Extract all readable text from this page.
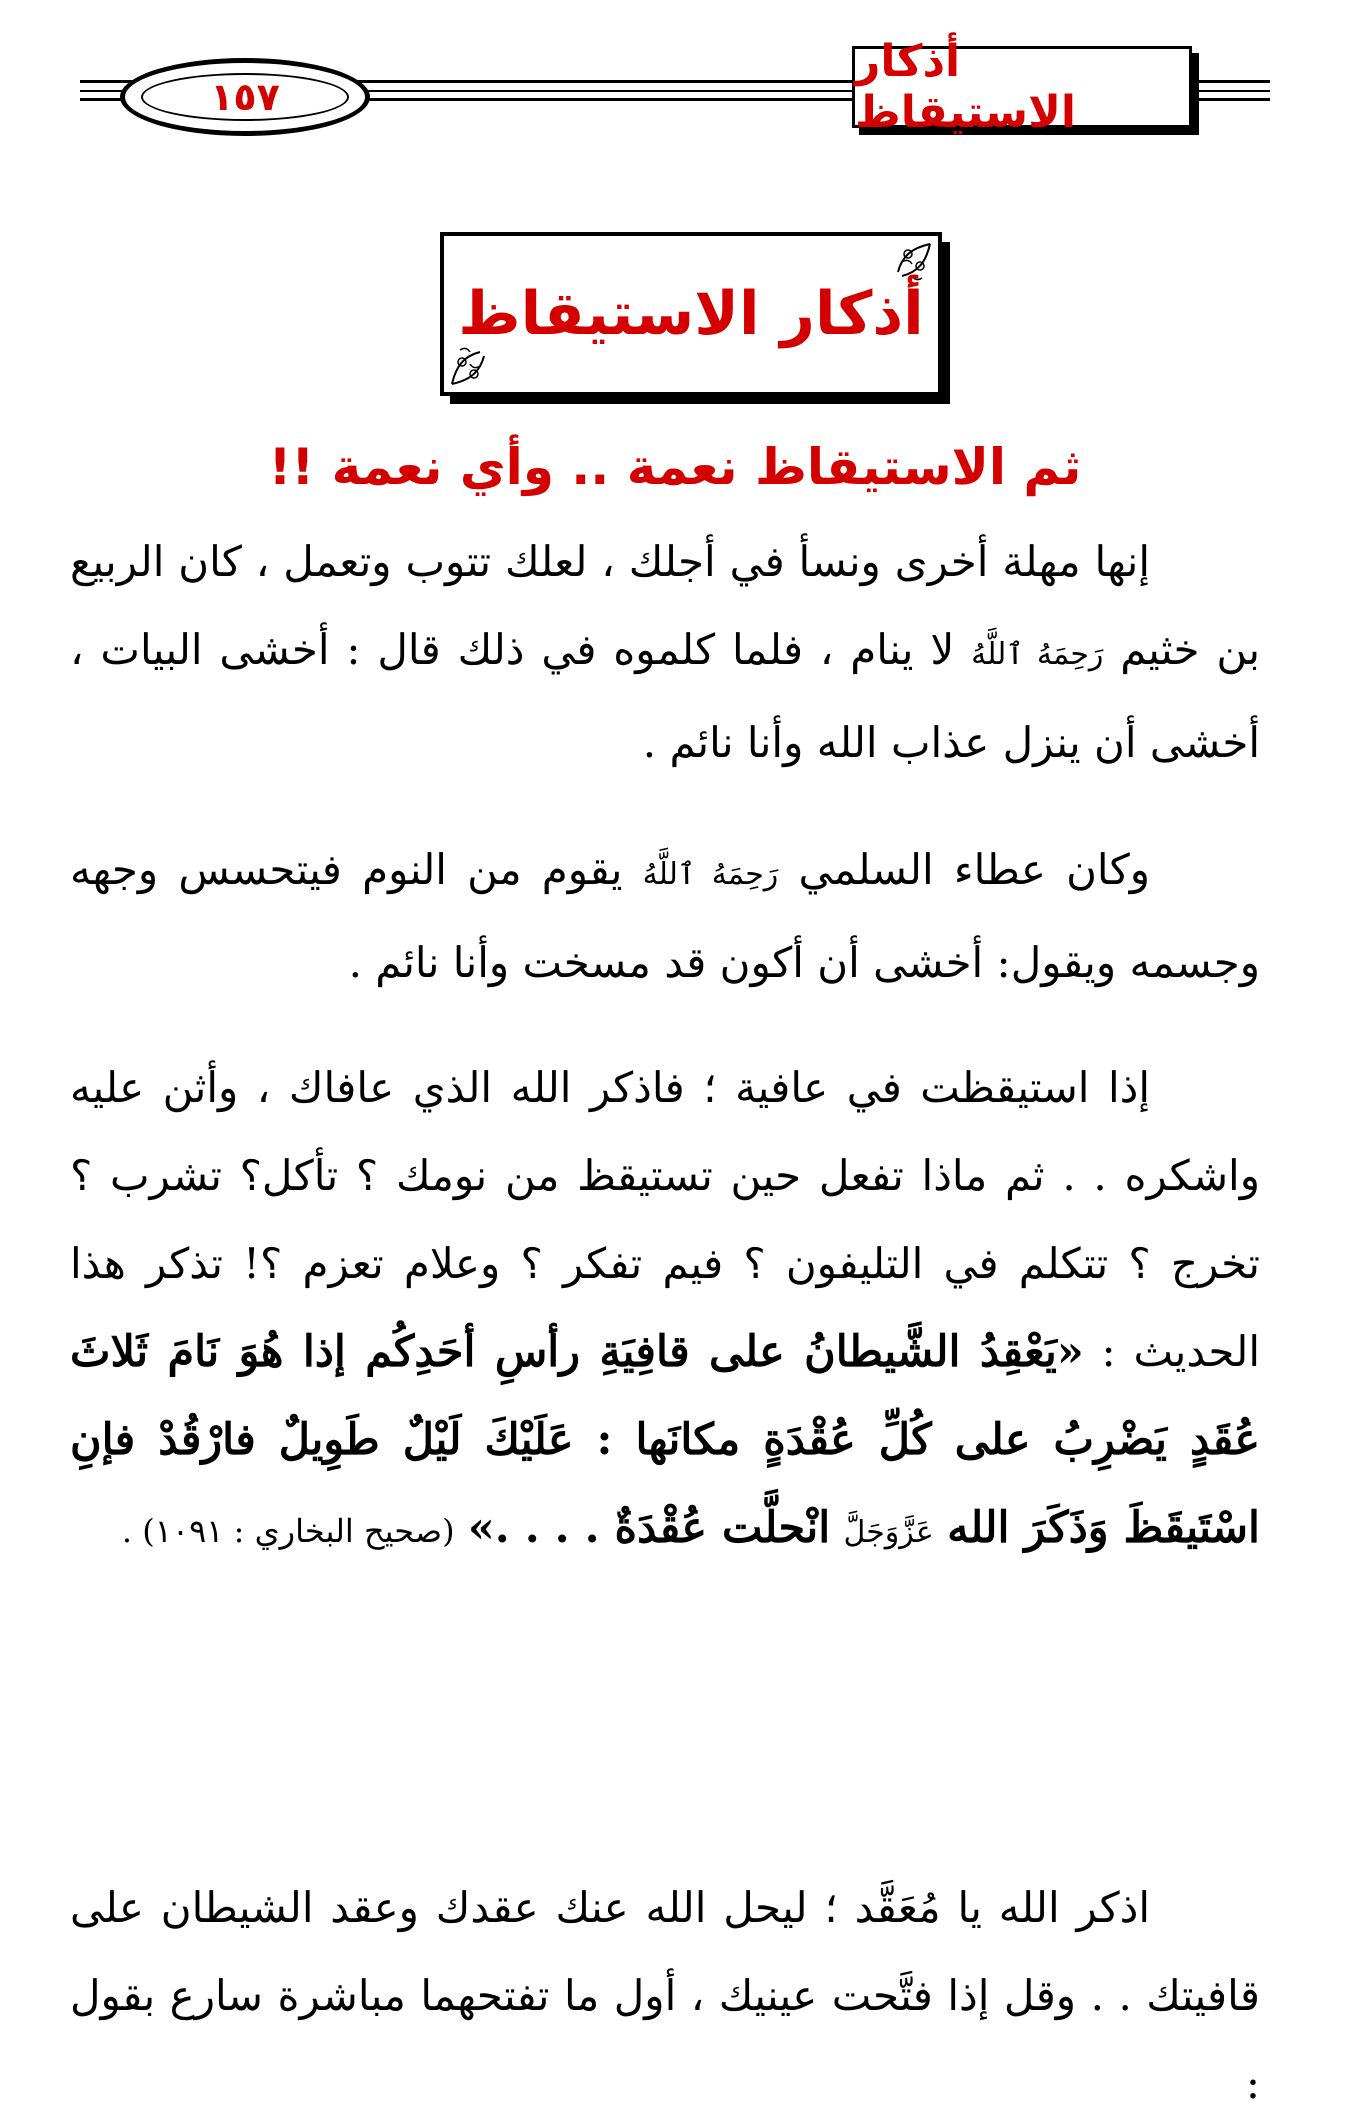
١٥٧
أذكار الاستيقاظ
أذكار الاستيقاظ
ثم الاستيقاظ نعمة .. وأي نعمة !!
إنها مهلة أخرى ونسأ في أجلك ، لعلك تتوب وتعمل ، كان الربيع بن خثيم رَحِمَهُ ٱللَّهُ لا ينام ، فلما كلموه في ذلك قال : أخشى البيات ، أخشى أن ينزل عذاب الله وأنا نائم .
وكان عطاء السلمي رَحِمَهُ ٱللَّهُ يقوم من النوم فيتحسس وجهه وجسمه ويقول: أخشى أن أكون قد مسخت وأنا نائم .
إذا استيقظت في عافية ؛ فاذكر الله الذي عافاك ، وأثن عليه واشكره . . ثم ماذا تفعل حين تستيقظ من نومك ؟ تأكل؟ تشرب ؟ تخرج ؟ تتكلم في التليفون ؟ فيم تفكر ؟ وعلام تعزم ؟! تذكر هذا الحديث : «يَعْقِدُ الشَّيطانُ على قافِيَةِ رأسِ أحَدِكُم إذا هُوَ نَامَ ثَلاثَ عُقَدٍ يَضْرِبُ على كُلِّ عُقْدَةٍ مكانَها : عَلَيْكَ لَيْلٌ طَوِيلٌ فارْقُدْ فإنِ اسْتَيقَظَ وَذَكَرَ الله عَزَّوَجَلَّ انْحلَّت عُقْدَةٌ . . . .» (صحيح البخاري : ١٠٩١) .
اذكر الله يا مُعَقَّد ؛ ليحل الله عنك عقدك وعقد الشيطان على قافيتك . . وقل إذا فتَّحت عينيك ، أول ما تفتحهما مباشرة سارع بقول :
